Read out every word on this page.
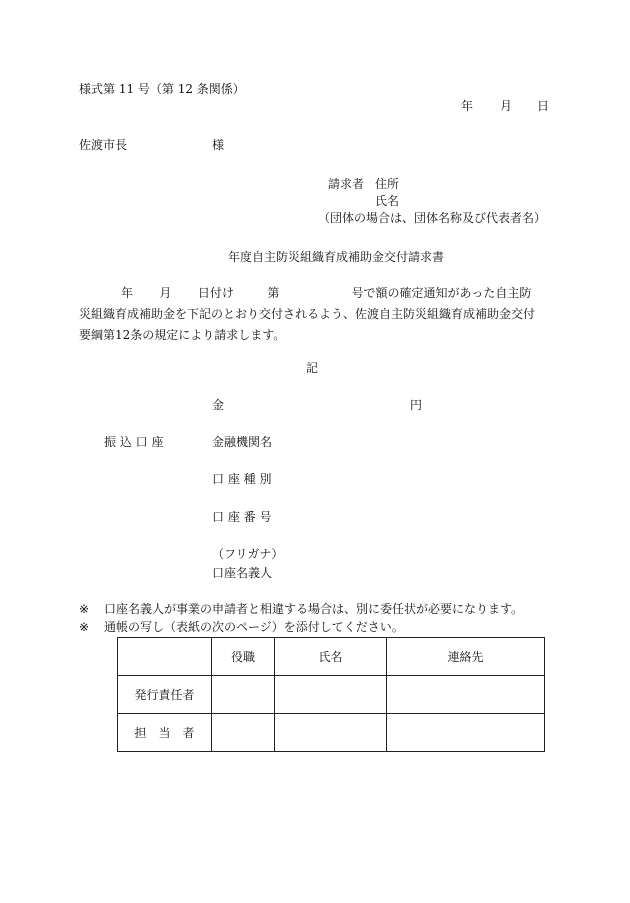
様式第 11 号（第 12 条関係）
年 月 日
佐渡市長	様
請求者 住所
氏名
（団体の場合は、団体名称及び代表者名）
年度自主防災組織育成補助金交付請求書
年 月 日付け	第	号で額の確定通知があった自主防
災組織育成補助金を下記のとおり交付されるよう、佐渡自主防災組織育成補助金交付
要綱第12条の規定により請求します。
記
金	円
振 込 口 座	金融機関名
口 座 種 別
口 座 番 号
（フリガナ）
口座名義人
※ 口座名義人が事業の申請者と相違する場合は、別に委任状が必要になります。
※ 通帳の写し（表紙の次のページ）を添付してください。
	役職	氏名	連絡先
発行責任者			
担　当　者			
